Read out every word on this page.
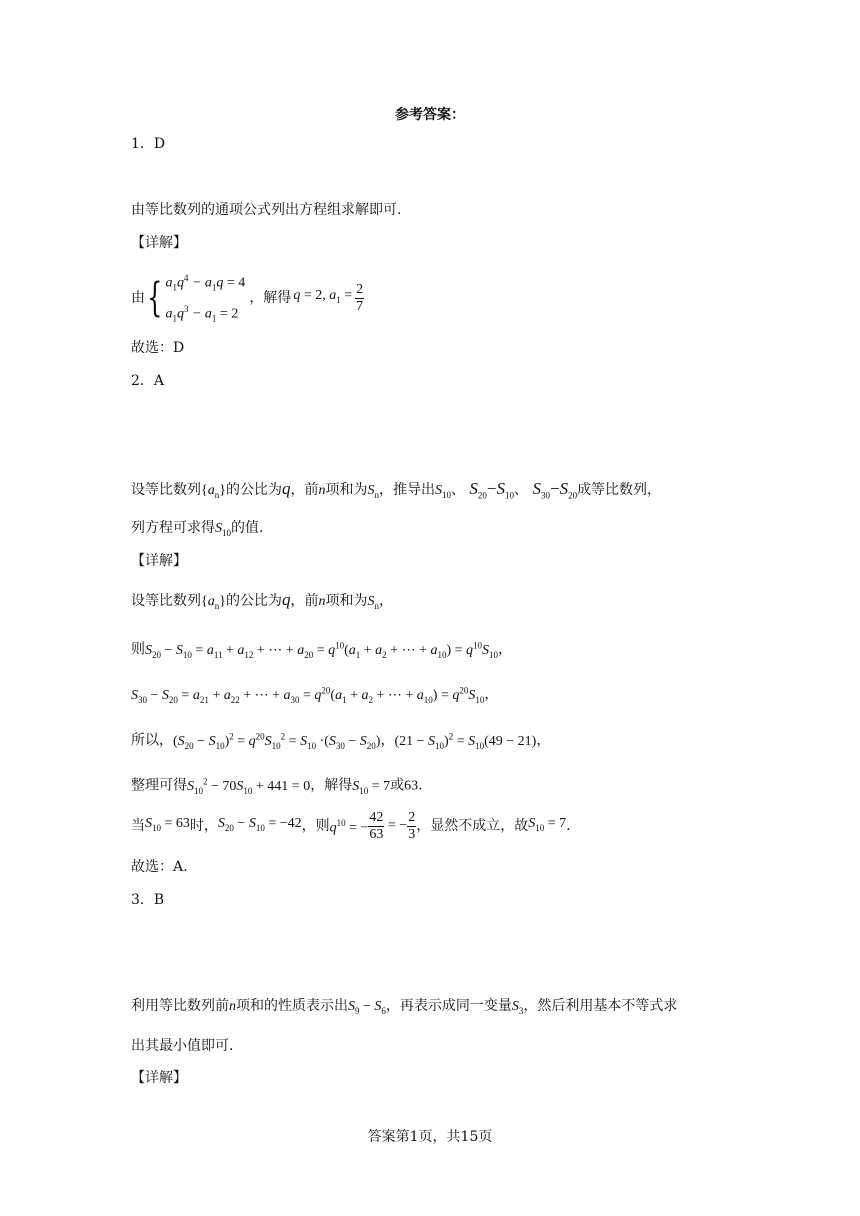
参考答案：
1．D
由等比数列的通项公式列出方程组求解即可.
【详解】
由 { $a_1q^4 - a_1q = 4$
$a_1q^3 - a_1 = 2$
，解得 q = 2, $a_1 = \frac{2}{7}$
故选：D
2．A
设等比数列$\{a_n\}$的公比为q，前n项和为$S_n$，推导出$S_{10}$、 $S_{20}-S_{10}$、 $S_{30}-S_{20}$成等比数列，
列方程可求得$S_{10}$的值.
【详解】
设等比数列$\{a_n\}$的公比为q，前n项和为$S_n$，
则$S_{20} - S_{10} = a_{11} + a_{12}$ + ⋯ + $a_{20} = q^{10}(a_1 + a_2$ + ⋯ + $a_{10}) = q^{10}S_{10}$，
$S_{30} - S_{20} = a_{21} + a_{22}$ + ⋯ + $a_{30} = q^{20}(a_1 + a_2$ + ⋯ + $a_{10}) = q^{20}S_{10}$，
所以，$(S_{20} - S_{10})^2 = q^{20}S_{10}^2 = S_{10} \cdot(S_{30} - S_{20})$，$(21 - S_{10})^2 = S_{10}(49 - 21)$，
整理可得$S_{10}^2 - 70S_{10} + 441 = 0$，解得$S_{10} = 7$或63.
当 $S_{10} = 63$ 时， $S_{20} - S_{10} = -42$ ，则 $q^{10}$ = − $\frac{42}{63}$ = − $\frac{2}{3}$ ，显然不成立，故 $S_{10} = 7$ .
故选：A.
3．B
利用等比数列前n项和的性质表示出$S_9 - S_6$，再表示成同一变量$S_3$，然后利用基本不等式求
出其最小值即可.
【详解】
答案第1页，共15页
